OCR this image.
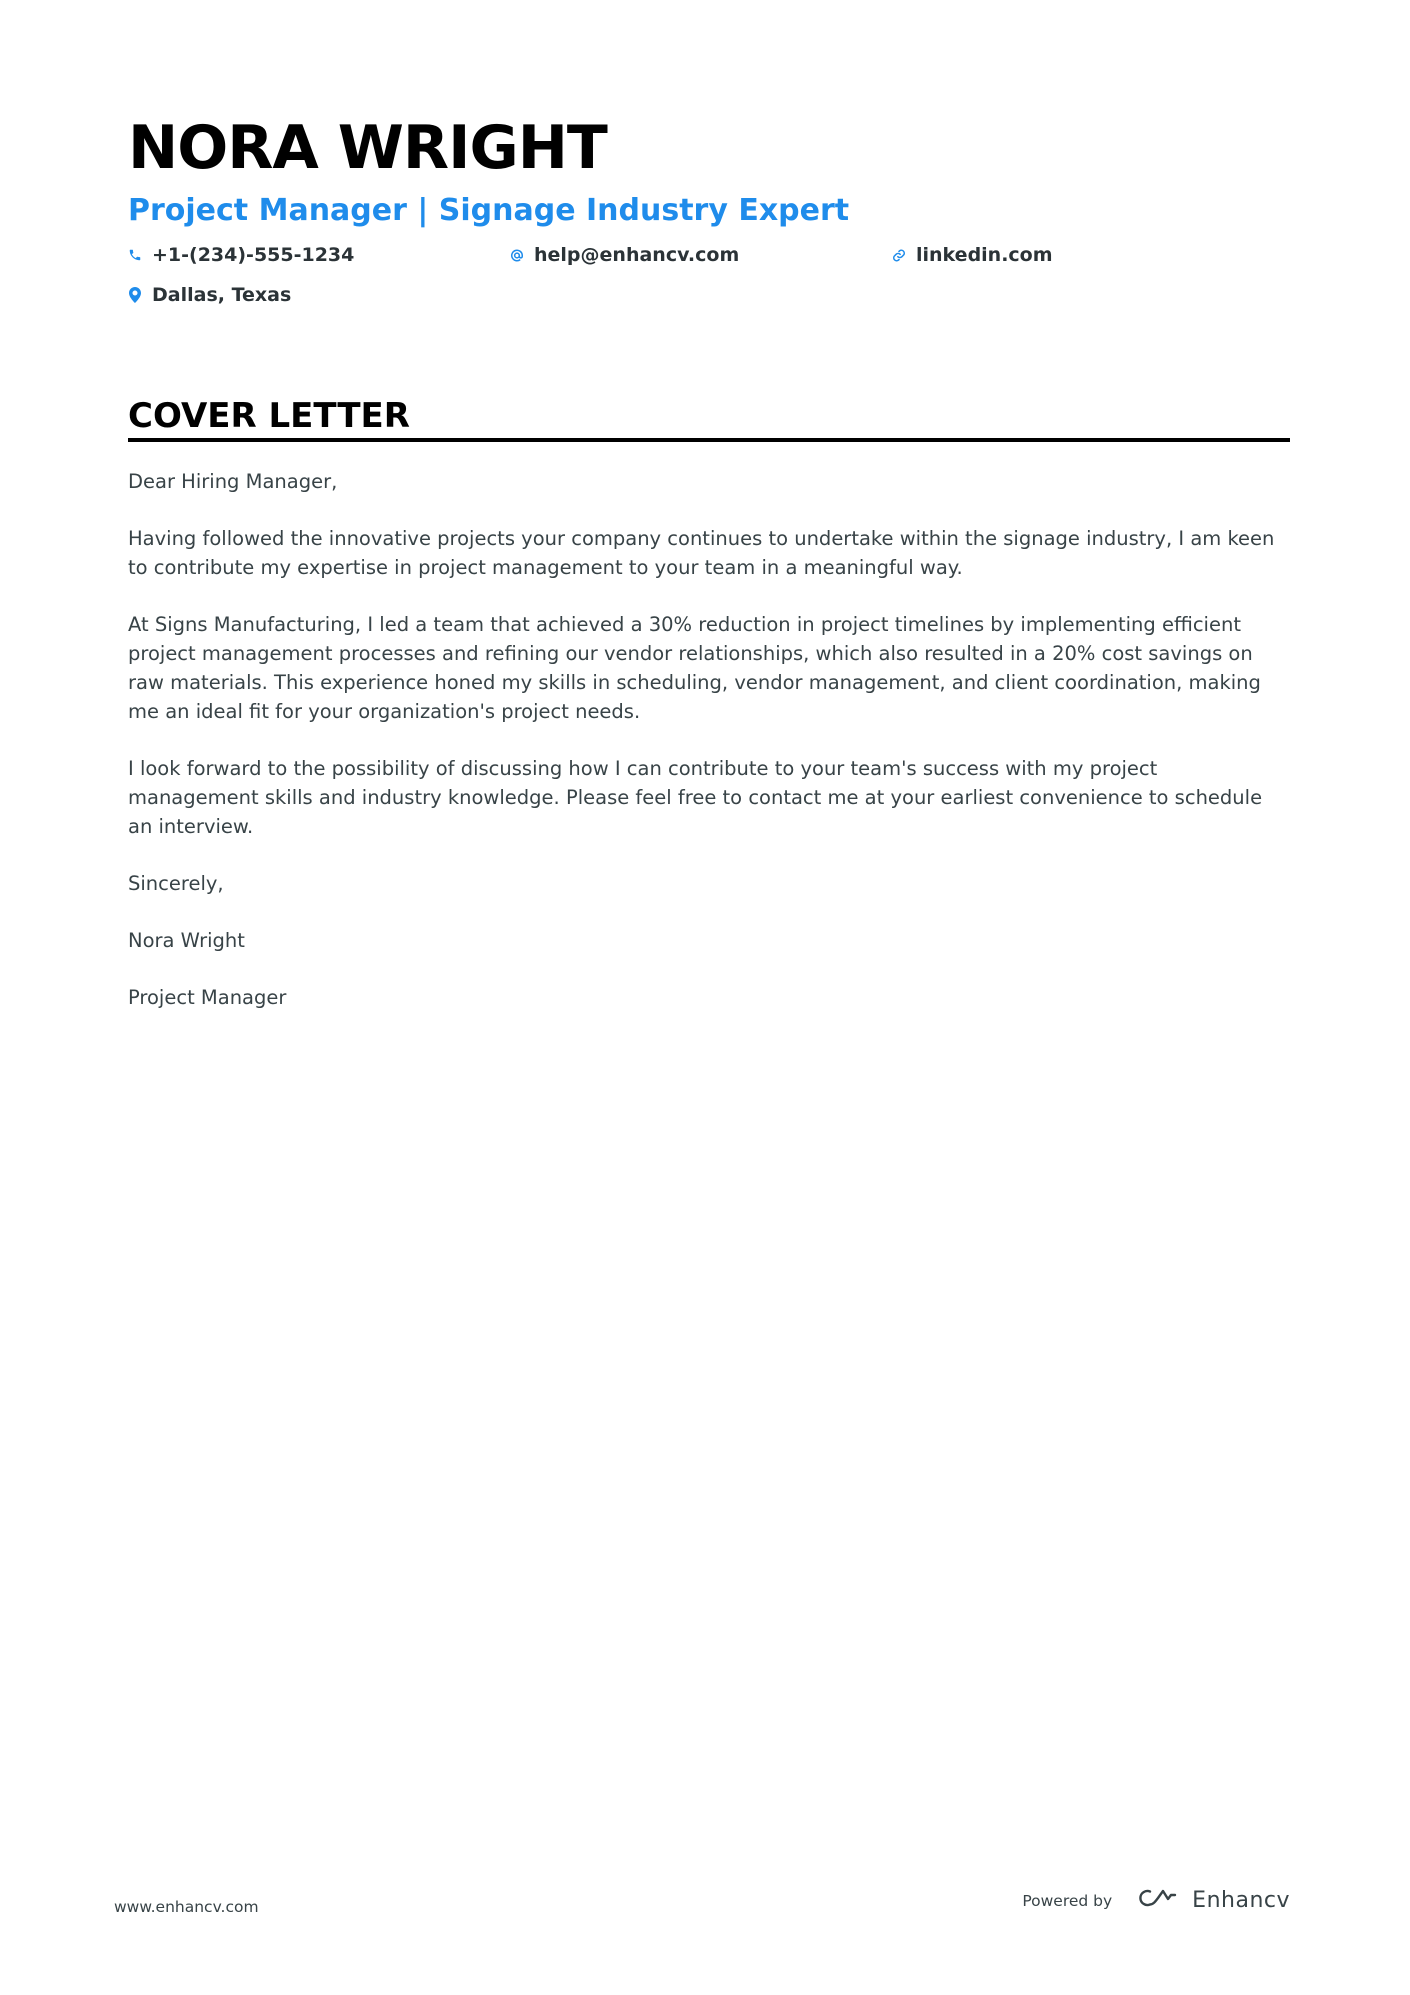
NORA WRIGHT
Project Manager | Signage Industry Expert
+1-(234)-555-1234	help@enhancv.com	linkedin.com
Dallas, Texas
COVER LETTER

Dear Hiring Manager,

Having followed the innovative projects your company continues to undertake within the signage industry, I am keen to contribute my expertise in project management to your team in a meaningful way.

At Signs Manufacturing, I led a team that achieved a 30% reduction in project timelines by implementing efficient project management processes and refining our vendor relationships, which also resulted in a 20% cost savings on raw materials. This experience honed my skills in scheduling, vendor management, and client coordination, making me an ideal fit for your organization's project needs.

I look forward to the possibility of discussing how I can contribute to your team's success with my project management skills and industry knowledge. Please feel free to contact me at your earliest convenience to schedule an interview.

Sincerely,

Nora Wright

Project Manager

www.enhancv.com	Powered by	Enhancv
